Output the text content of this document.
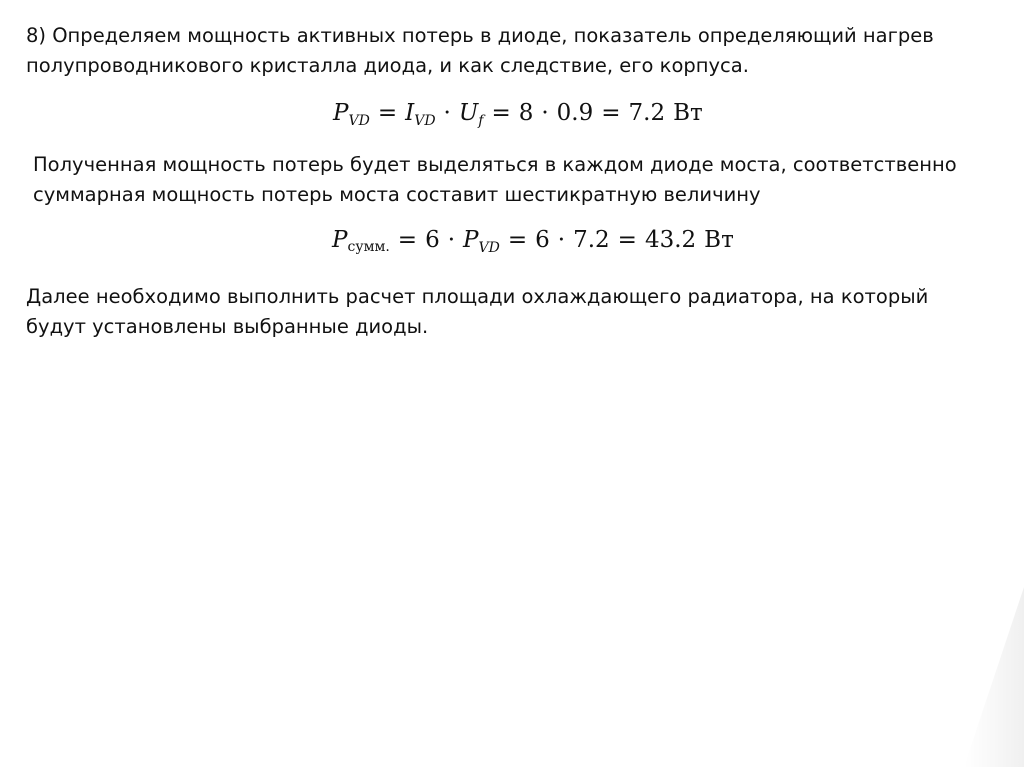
8) Определяем мощность активных потерь в диоде, показатель определяющий нагрев
полупроводникового кристалла диода, и как следствие, его корпуса.

$P_{VD} = I_{VD} \cdot U_f = 8 \cdot 0.9 = 7.2$ Вт

Полученная мощность потерь будет выделяться в каждом диоде моста, соответственно
суммарная мощность потерь моста составит шестикратную величину

Pсумм. = $6 \cdot P_{VD} = 6 \cdot 7.2 = 43.2$ Вт

Далее необходимо выполнить расчет площади охлаждающего радиатора, на который
будут установлены выбранные диоды.
